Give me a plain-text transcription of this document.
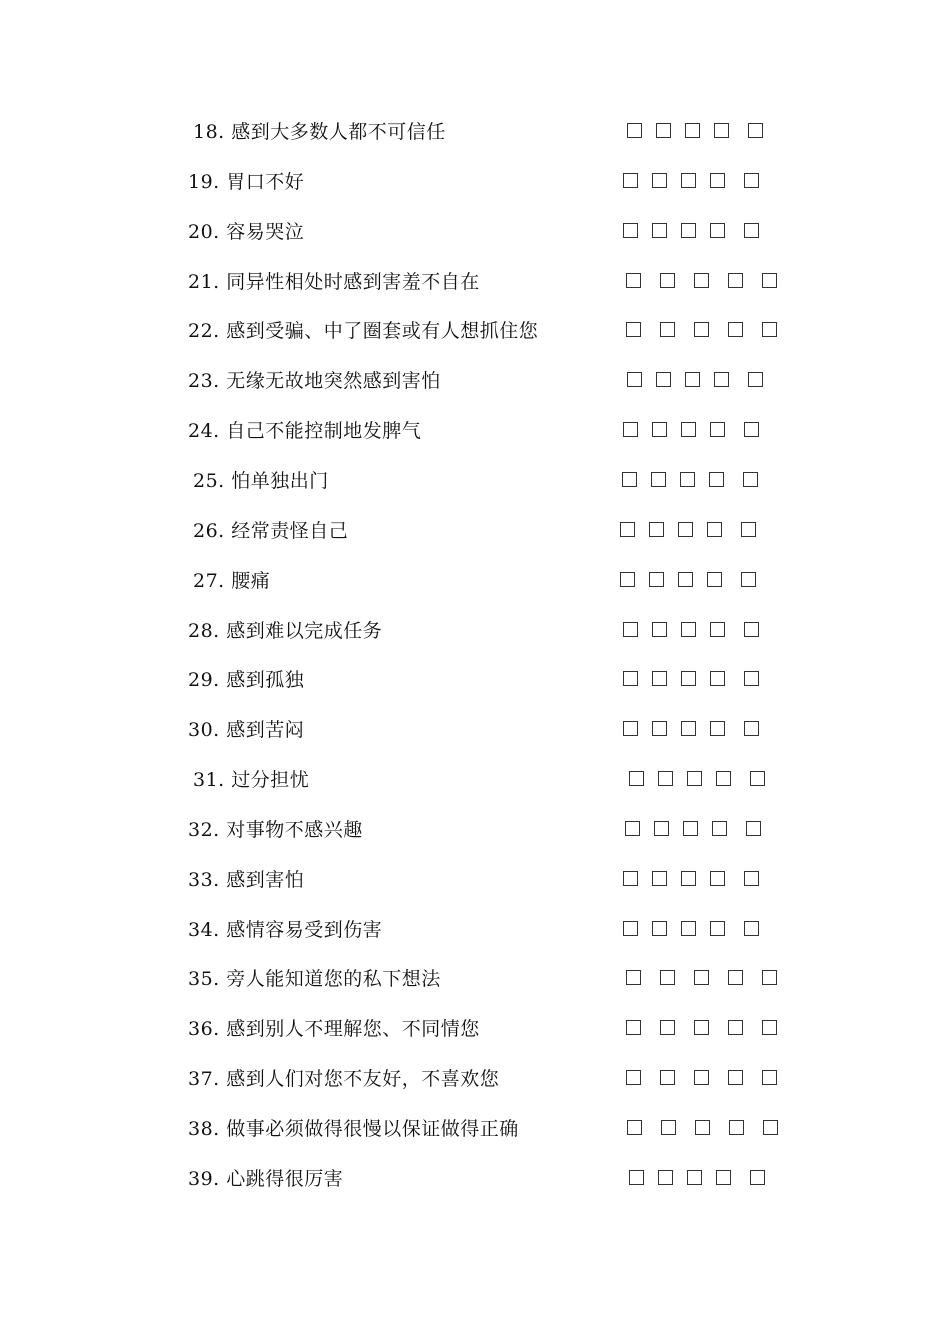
18. 感到大多数人都不可信任
19. 胃口不好
20. 容易哭泣
21. 同异性相处时感到害羞不自在
22. 感到受骗、中了圈套或有人想抓住您
23. 无缘无故地突然感到害怕
24. 自己不能控制地发脾气
25. 怕单独出门
26. 经常责怪自己
27. 腰痛
28. 感到难以完成任务
29. 感到孤独
30. 感到苦闷
31. 过分担忧
32. 对事物不感兴趣
33. 感到害怕
34. 感情容易受到伤害
35. 旁人能知道您的私下想法
36. 感到别人不理解您、不同情您
37. 感到人们对您不友好，不喜欢您
38. 做事必须做得很慢以保证做得正确
39. 心跳得很厉害
